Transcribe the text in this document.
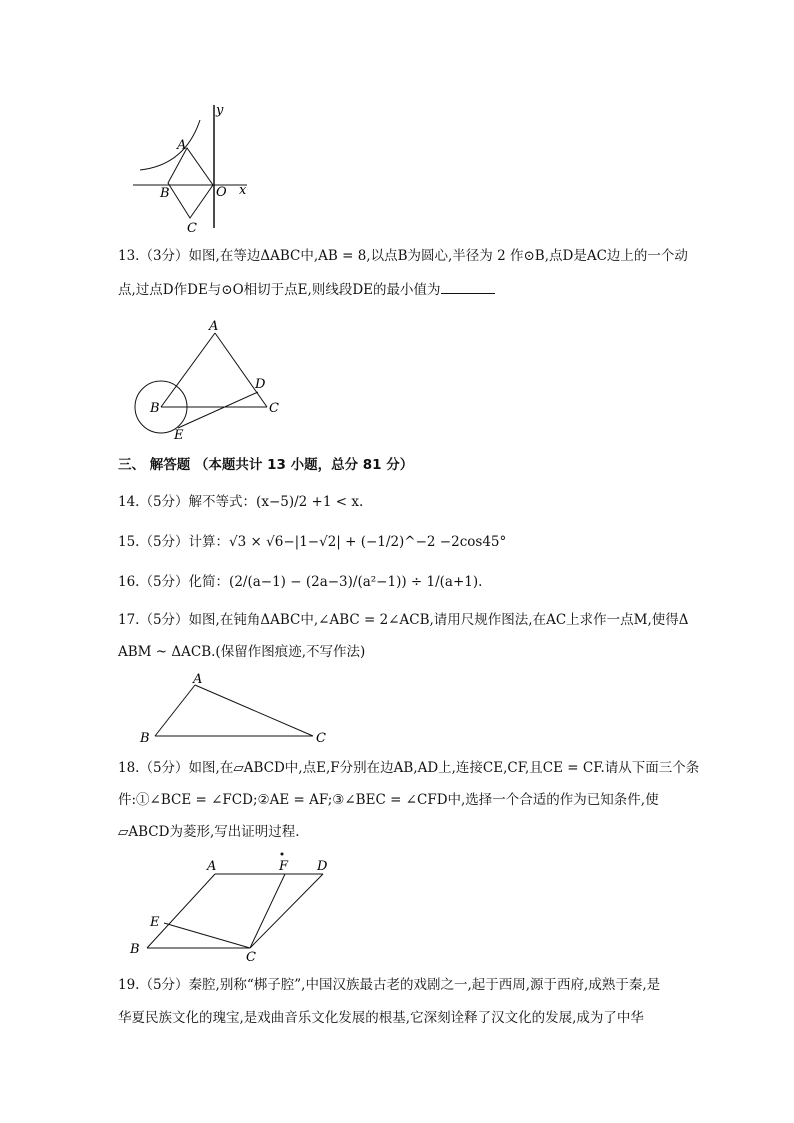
A
B
C
O x
y
13.（3分）如图,在等边ΔABC中,AB = 8,以点B为圆心,半径为 2 作⊙B,点D是AC边上的一个动
点,过点D作DE与⊙O相切于点E,则线段DE的最小值为
A
B	C
D
E
三、 解答题 （本题共计 13 小题，总分 81 分）
14.（5分）解不等式：(x−5)/2 +1 < x.
15.（5分）计算：√3 × √6−|1−√2| + (−1/2)^−2 −2cos45°
16.（5分）化简：(2/(a−1) − (2a−3)/(a²−1)) ÷ 1/(a+1).
17.（5分）如图,在钝角ΔABC中,∠ABC = 2∠ACB,请用尺规作图法,在AC上求作一点M,使得Δ
ABM ~ ΔACB.(保留作图痕迹,不写作法)
A
B	C
18.（5分）如图,在▱ABCD中,点E,F分别在边AB,AD上,连接CE,CF,且CE = CF.请从下面三个条
件:①∠BCE = ∠FCD;②AE = AF;③∠BEC = ∠CFD中,选择一个合适的作为已知条件,使
▱ABCD为菱形,写出证明过程.
A	F D
E
B
C
19.（5分）秦腔,别称“梆子腔”,中国汉族最古老的戏剧之一,起于西周,源于西府,成熟于秦,是
华夏民族文化的瑰宝,是戏曲音乐文化发展的根基,它深刻诠释了汉文化的发展,成为了中华
